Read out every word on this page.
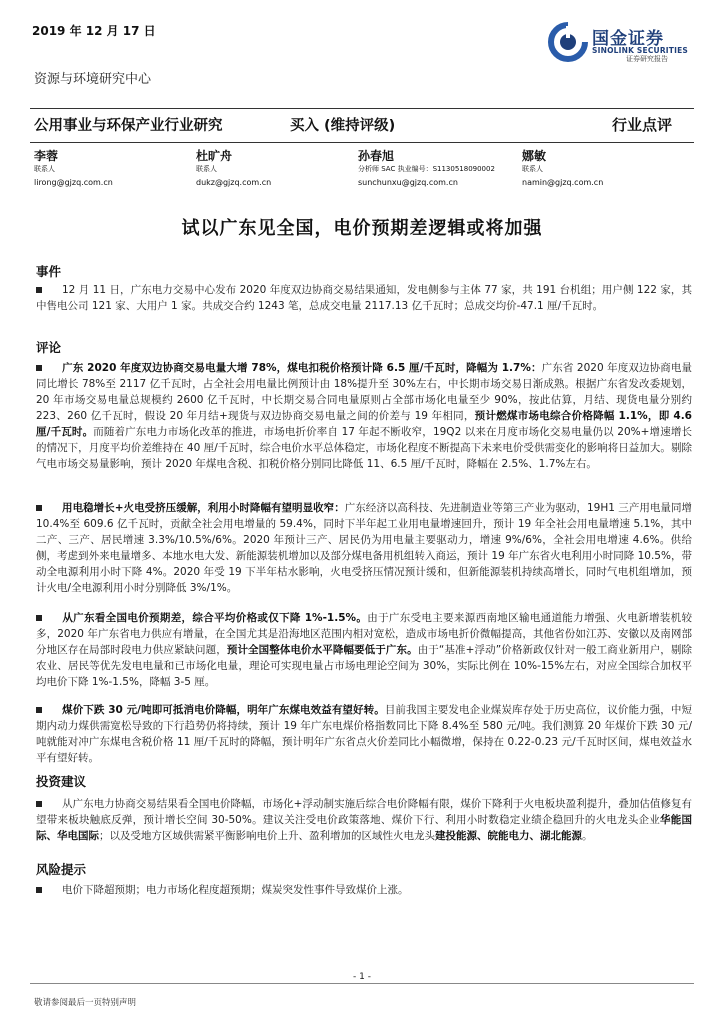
2019 年 12 月 17 日	国金证券
SINOLINK SECURITIES
证券研究报告
资源与环境研究中心
公用事业与环保产业行业研究	买入 (维持评级)	行业点评
李蓉
联系人
lirong@gjzq.com.cn
杜旷舟
联系人
dukz@gjzq.com.cn
孙春旭
分析师 SAC 执业编号：S1130518090002
sunchunxu@gjzq.com.cn
娜敏
联系人
namin@gjzq.com.cn
试以广东见全国，电价预期差逻辑或将加强
事件
12 月 11 日，广东电力交易中心发布 2020 年度双边协商交易结果通知，发电侧参与主体 77 家，共 191 台机组；用户侧 122 家，其中售电公司 121 家、大用户 1 家。共成交合约 1243 笔，总成交电量 2117.13 亿千瓦时；总成交均价-47.1 厘/千瓦时。
评论
广东 2020 年度双边协商交易电量大增 78%，煤电扣税价格预计降 6.5 厘/千瓦时，降幅为 1.7%：广东省 2020 年度双边协商电量同比增长 78%至 2117 亿千瓦时，占全社会用电量比例预计由 18%提升至 30%左右，中长期市场交易日渐成熟。根据广东省发改委规划，20 年市场交易电量总规模约 2600 亿千瓦时，中长期交易合同电量原则占全部市场化电量至少 90%，按此估算，月结、现货电量分别约 223、260 亿千瓦时，假设 20 年月结+现货与双边协商交易电量之间的价差与 19 年相同，预计燃煤市场电综合价格降幅 1.1%，即 4.6 厘/千瓦时。而随着广东电力市场化改革的推进，市场电折价率自 17 年起不断收窄，19Q2 以来在月度市场化交易电量仍以 20%+增速增长的情况下，月度平均价差维持在 40 厘/千瓦时，综合电价水平总体稳定，市场化程度不断提高下未来电价受供需变化的影响将日益加大。剔除气电市场交易量影响，预计 2020 年煤电含税、扣税价格分别同比降低 11、6.5 厘/千瓦时，降幅在 2.5%、1.7%左右。
用电稳增长+火电受挤压缓解，利用小时降幅有望明显收窄：广东经济以高科技、先进制造业等第三产业为驱动，19H1 三产用电量同增 10.4%至 609.6 亿千瓦时，贡献全社会用电增量的 59.4%，同时下半年起工业用电量增速回升，预计 19 年全社会用电量增速 5.1%，其中二产、三产、居民增速 3.3%/10.5%/6%。2020 年预计三产、居民仍为用电量主要驱动力，增速 9%/6%，全社会用电增速 4.6%。供给侧，考虑到外来电量增多、本地水电大发、新能源装机增加以及部分煤电备用机组转入商运，预计 19 年广东省火电利用小时同降 10.5%，带动全电源利用小时下降 4%。2020 年受 19 下半年枯水影响，火电受挤压情况预计缓和，但新能源装机持续高增长，同时气电机组增加，预计火电/全电源利用小时分别降低 3%/1%。
从广东看全国电价预期差，综合平均价格或仅下降 1%-1.5%。由于广东受电主要来源西南地区输电通道能力增强、火电新增装机较多，2020 年广东省电力供应有增量，在全国尤其是沿海地区范围内相对宽松，造成市场电折价微幅提高，其他省份如江苏、安徽以及南网部分地区存在局部时段电力供应紧缺问题，预计全国整体电价水平降幅要低于广东。由于“基准+浮动”价格新政仅针对一般工商业新用户，剔除农业、居民等优先发电电量和已市场化电量，理论可实现电量占市场电理论空间为 30%，实际比例在 10%-15%左右，对应全国综合加权平均电价下降 1%-1.5%，降幅 3-5 厘。
煤价下跌 30 元/吨即可抵消电价降幅，明年广东煤电效益有望好转。目前我国主要发电企业煤炭库存处于历史高位，议价能力强，中短期内动力煤供需宽松导致的下行趋势仍将持续，预计 19 年广东电煤价格指数同比下降 8.4%至 580 元/吨。我们测算 20 年煤价下跌 30 元/吨就能对冲广东煤电含税价格 11 厘/千瓦时的降幅，预计明年广东省点火价差同比小幅微增，保持在 0.22-0.23 元/千瓦时区间，煤电效益水平有望好转。
投资建议
从广东电力协商交易结果看全国电价降幅，市场化+浮动制实施后综合电价降幅有限，煤价下降利于火电板块盈利提升，叠加估值修复有望带来板块触底反弹，预计增长空间 30-50%。建议关注受电价政策落地、煤价下行、利用小时数稳定业绩企稳回升的火电龙头企业华能国际、华电国际；以及受地方区域供需紧平衡影响电价上升、盈利增加的区域性火电龙头建投能源、皖能电力、湖北能源。
风险提示
电价下降超预期；电力市场化程度超预期；煤炭突发性事件导致煤价上涨。
- 1 -
敬请参阅最后一页特别声明
